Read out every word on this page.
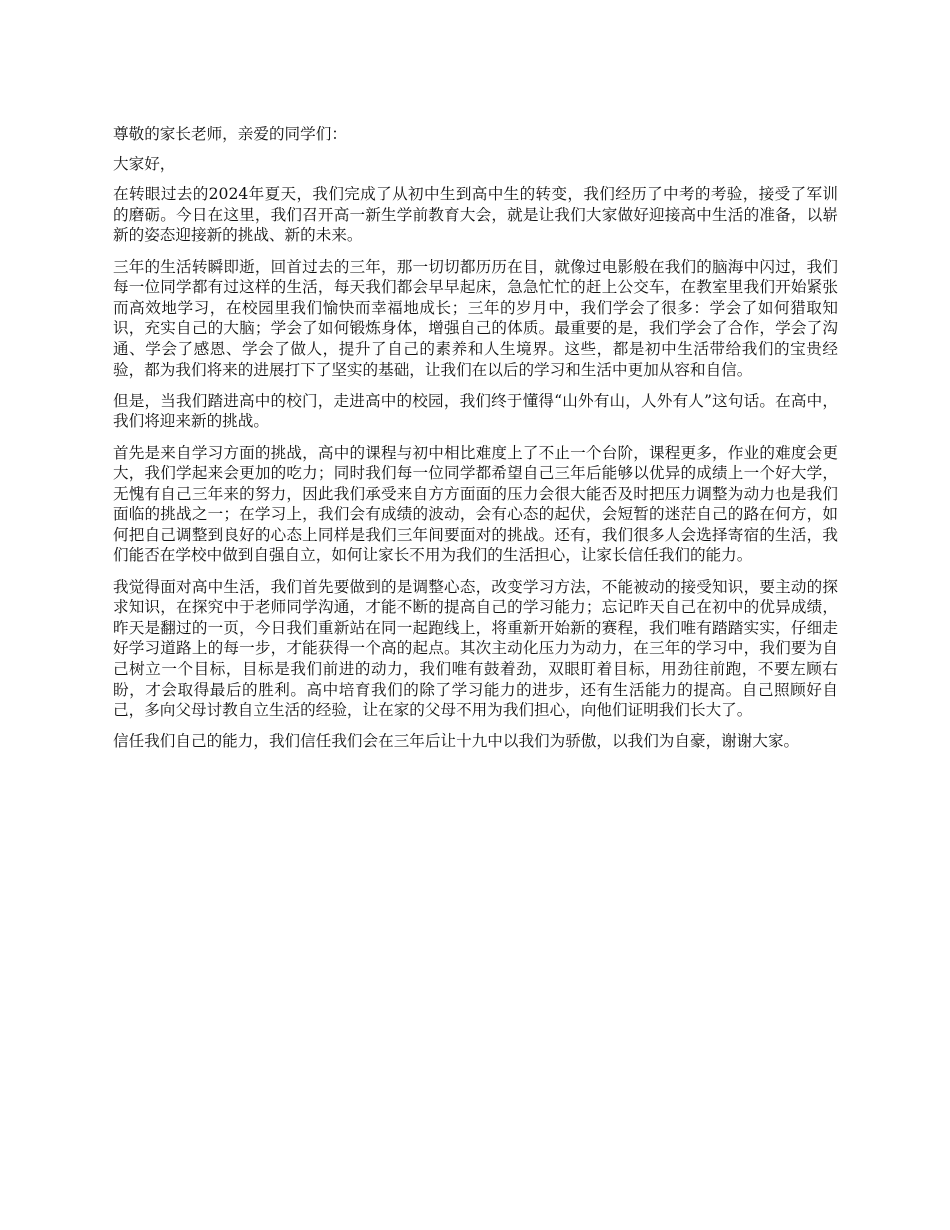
尊敬的家长老师，亲爱的同学们：

大家好，

在转眼过去的2024年夏天，我们完成了从初中生到高中生的转变，我们经历了中考的考验，接受了军训的磨砺。今日在这里，我们召开高一新生学前教育大会，就是让我们大家做好迎接高中生活的准备，以崭新的姿态迎接新的挑战、新的未来。

三年的生活转瞬即逝，回首过去的三年，那一切切都历历在目，就像过电影般在我们的脑海中闪过，我们每一位同学都有过这样的生活，每天我们都会早早起床，急急忙忙的赶上公交车，在教室里我们开始紧张而高效地学习，在校园里我们愉快而幸福地成长；三年的岁月中，我们学会了很多：学会了如何猎取知识，充实自己的大脑；学会了如何锻炼身体，增强自己的体质。最重要的是，我们学会了合作，学会了沟通、学会了感恩、学会了做人，提升了自己的素养和人生境界。这些，都是初中生活带给我们的宝贵经验，都为我们将来的进展打下了坚实的基础，让我们在以后的学习和生活中更加从容和自信。

但是，当我们踏进高中的校门，走进高中的校园，我们终于懂得“山外有山，人外有人”这句话。在高中，我们将迎来新的挑战。

首先是来自学习方面的挑战，高中的课程与初中相比难度上了不止一个台阶，课程更多，作业的难度会更大，我们学起来会更加的吃力；同时我们每一位同学都希望自己三年后能够以优异的成绩上一个好大学，无愧有自己三年来的努力，因此我们承受来自方方面面的压力会很大能否及时把压力调整为动力也是我们面临的挑战之一；在学习上，我们会有成绩的波动，会有心态的起伏，会短暂的迷茫自己的路在何方，如何把自己调整到良好的心态上同样是我们三年间要面对的挑战。还有，我们很多人会选择寄宿的生活，我们能否在学校中做到自强自立，如何让家长不用为我们的生活担心，让家长信任我们的能力。

我觉得面对高中生活，我们首先要做到的是调整心态，改变学习方法，不能被动的接受知识，要主动的探求知识，在探究中于老师同学沟通，才能不断的提高自己的学习能力；忘记昨天自己在初中的优异成绩，昨天是翻过的一页，今日我们重新站在同一起跑线上，将重新开始新的赛程，我们唯有踏踏实实，仔细走好学习道路上的每一步，才能获得一个高的起点。其次主动化压力为动力，在三年的学习中，我们要为自己树立一个目标，目标是我们前进的动力，我们唯有鼓着劲，双眼盯着目标，用劲往前跑，不要左顾右盼，才会取得最后的胜利。高中培育我们的除了学习能力的进步，还有生活能力的提高。自己照顾好自己，多向父母讨教自立生活的经验，让在家的父母不用为我们担心，向他们证明我们长大了。

信任我们自己的能力，我们信任我们会在三年后让十九中以我们为骄傲，以我们为自豪，谢谢大家。
